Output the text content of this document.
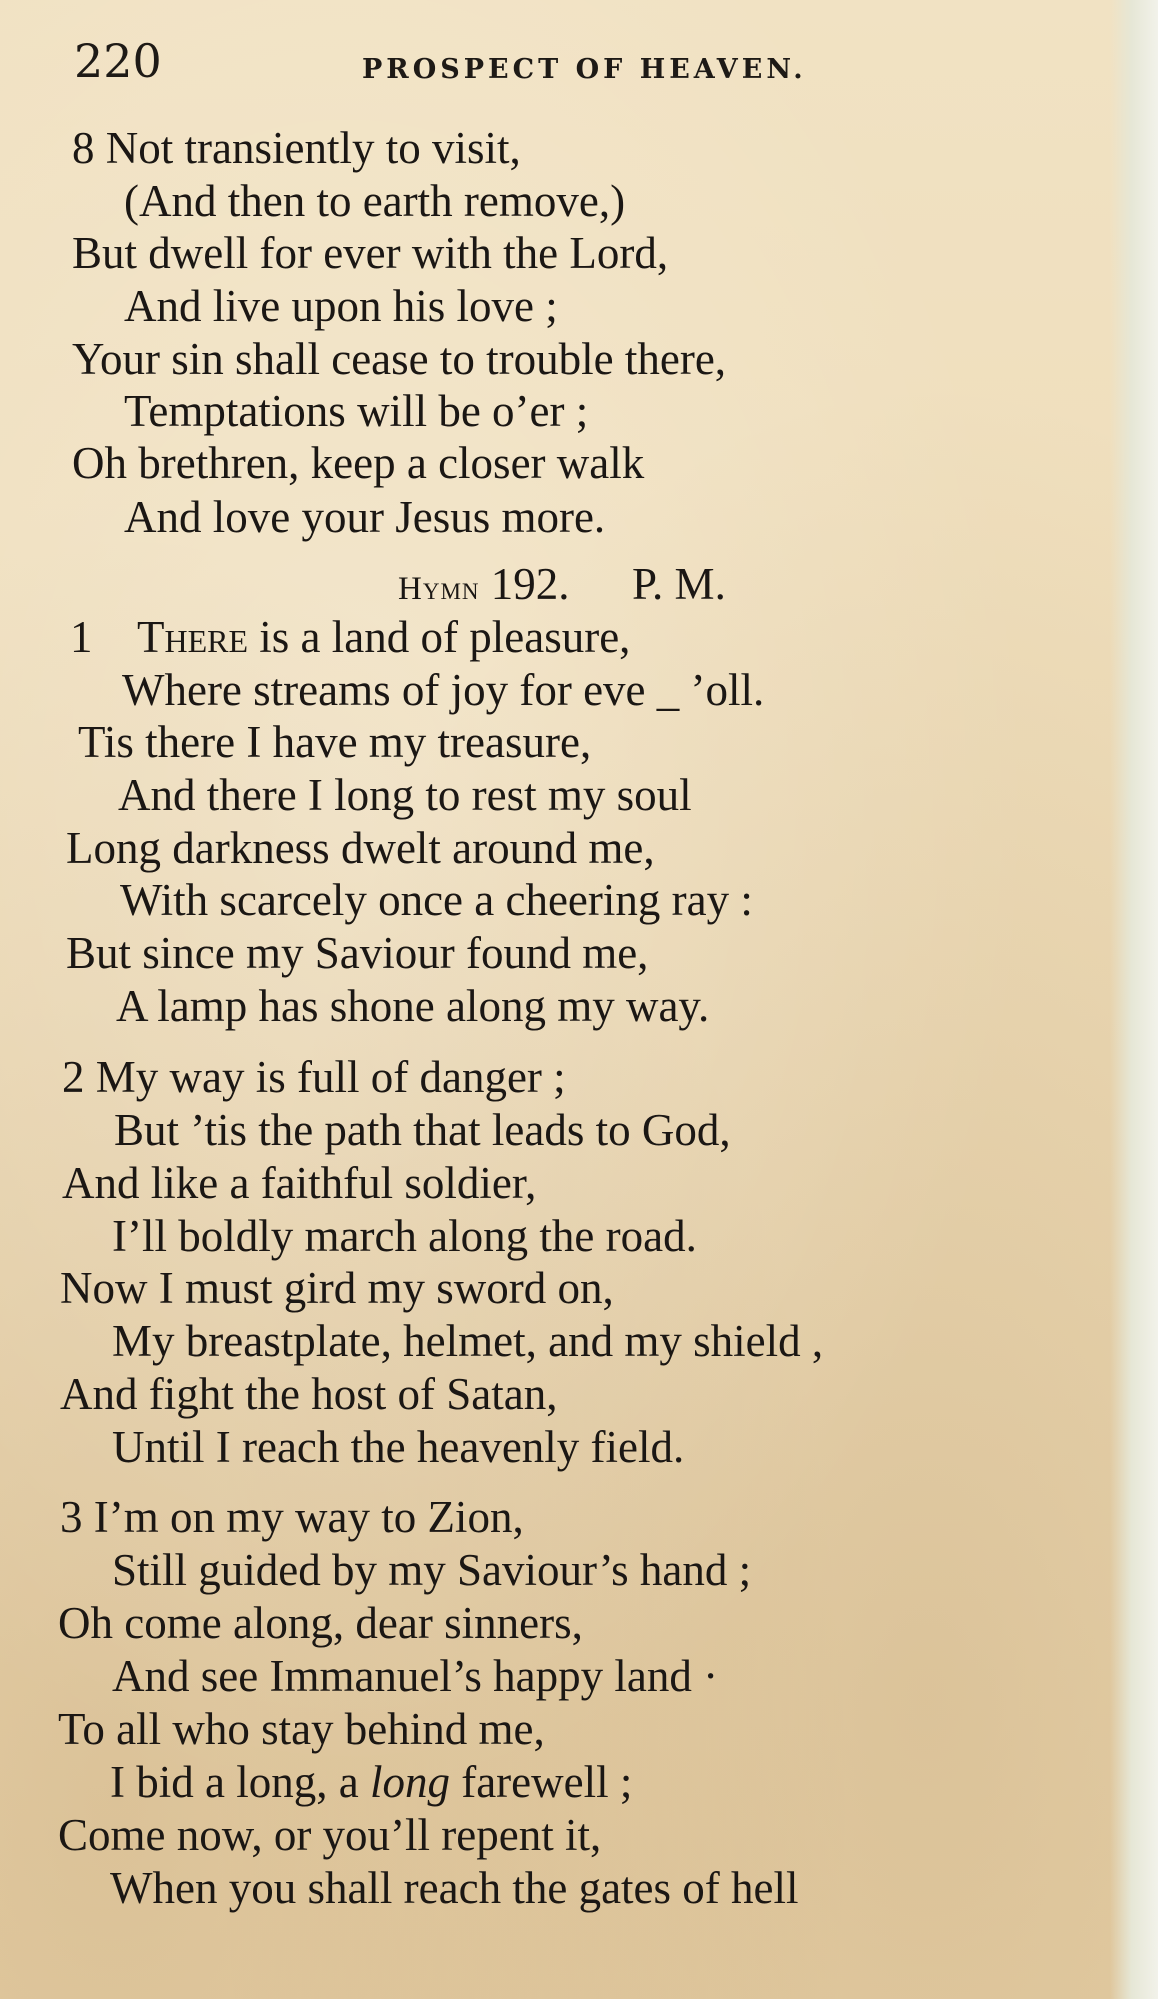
220	PROSPECT OF HEAVEN.
8 Not transiently to visit,
(And then to earth remove,)
But dwell for ever with the Lord,
And live upon his love ;
Your sin shall cease to trouble there,
Temptations will be o’er ;
Oh brethren, keep a closer walk
And love your Jesus more.
Hymn 192. P. M.
1 There is a land of pleasure,
Where streams of joy for eve _ ’oll.
Tis there I have my treasure,
And there I long to rest my soul
Long darkness dwelt around me,
With scarcely once a cheering ray :
But since my Saviour found me,
A lamp has shone along my way.
2 My way is full of danger ;
But ’tis the path that leads to God,
And like a faithful soldier,
I’ll boldly march along the road.
Now I must gird my sword on,
My breastplate, helmet, and my shield ,
And fight the host of Satan,
Until I reach the heavenly field.
3 I’m on my way to Zion,
Still guided by my Saviour’s hand ;
Oh come along, dear sinners,
And see Immanuel’s happy land ·
To all who stay behind me,
I bid a long, a long farewell ;
Come now, or you’ll repent it,
When you shall reach the gates of hell
